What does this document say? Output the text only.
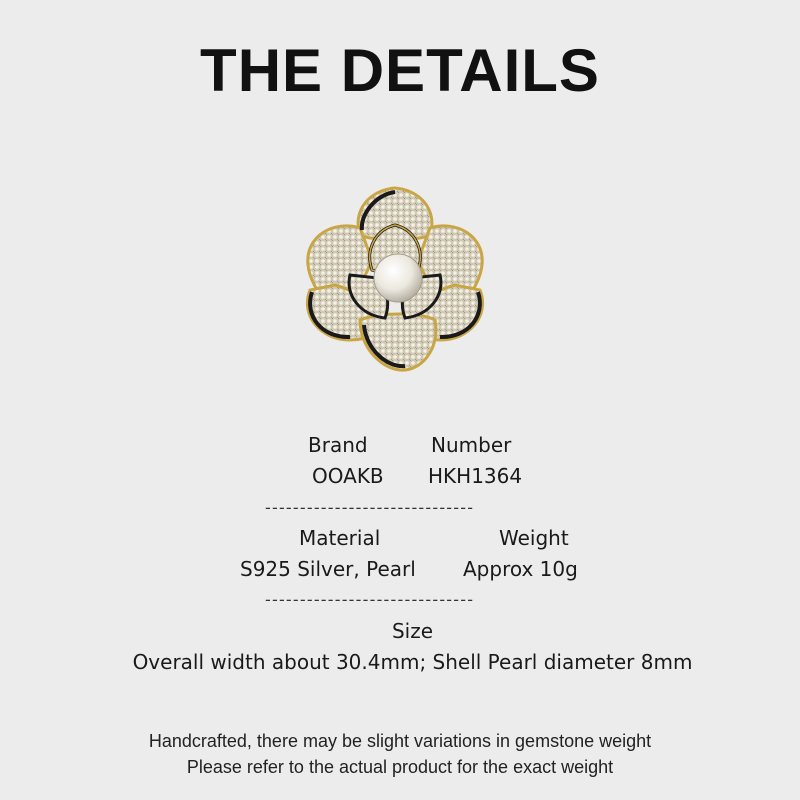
THE DETAILS
Brand	Number
OOAKB HKH1364
------------------------------
Material	Weight
S925 Silver, Pearl Approx 10g
------------------------------
Size
Overall width about 30.4mm; Shell Pearl diameter 8mm
Handcrafted, there may be slight variations in gemstone weight
Please refer to the actual product for the exact weight
